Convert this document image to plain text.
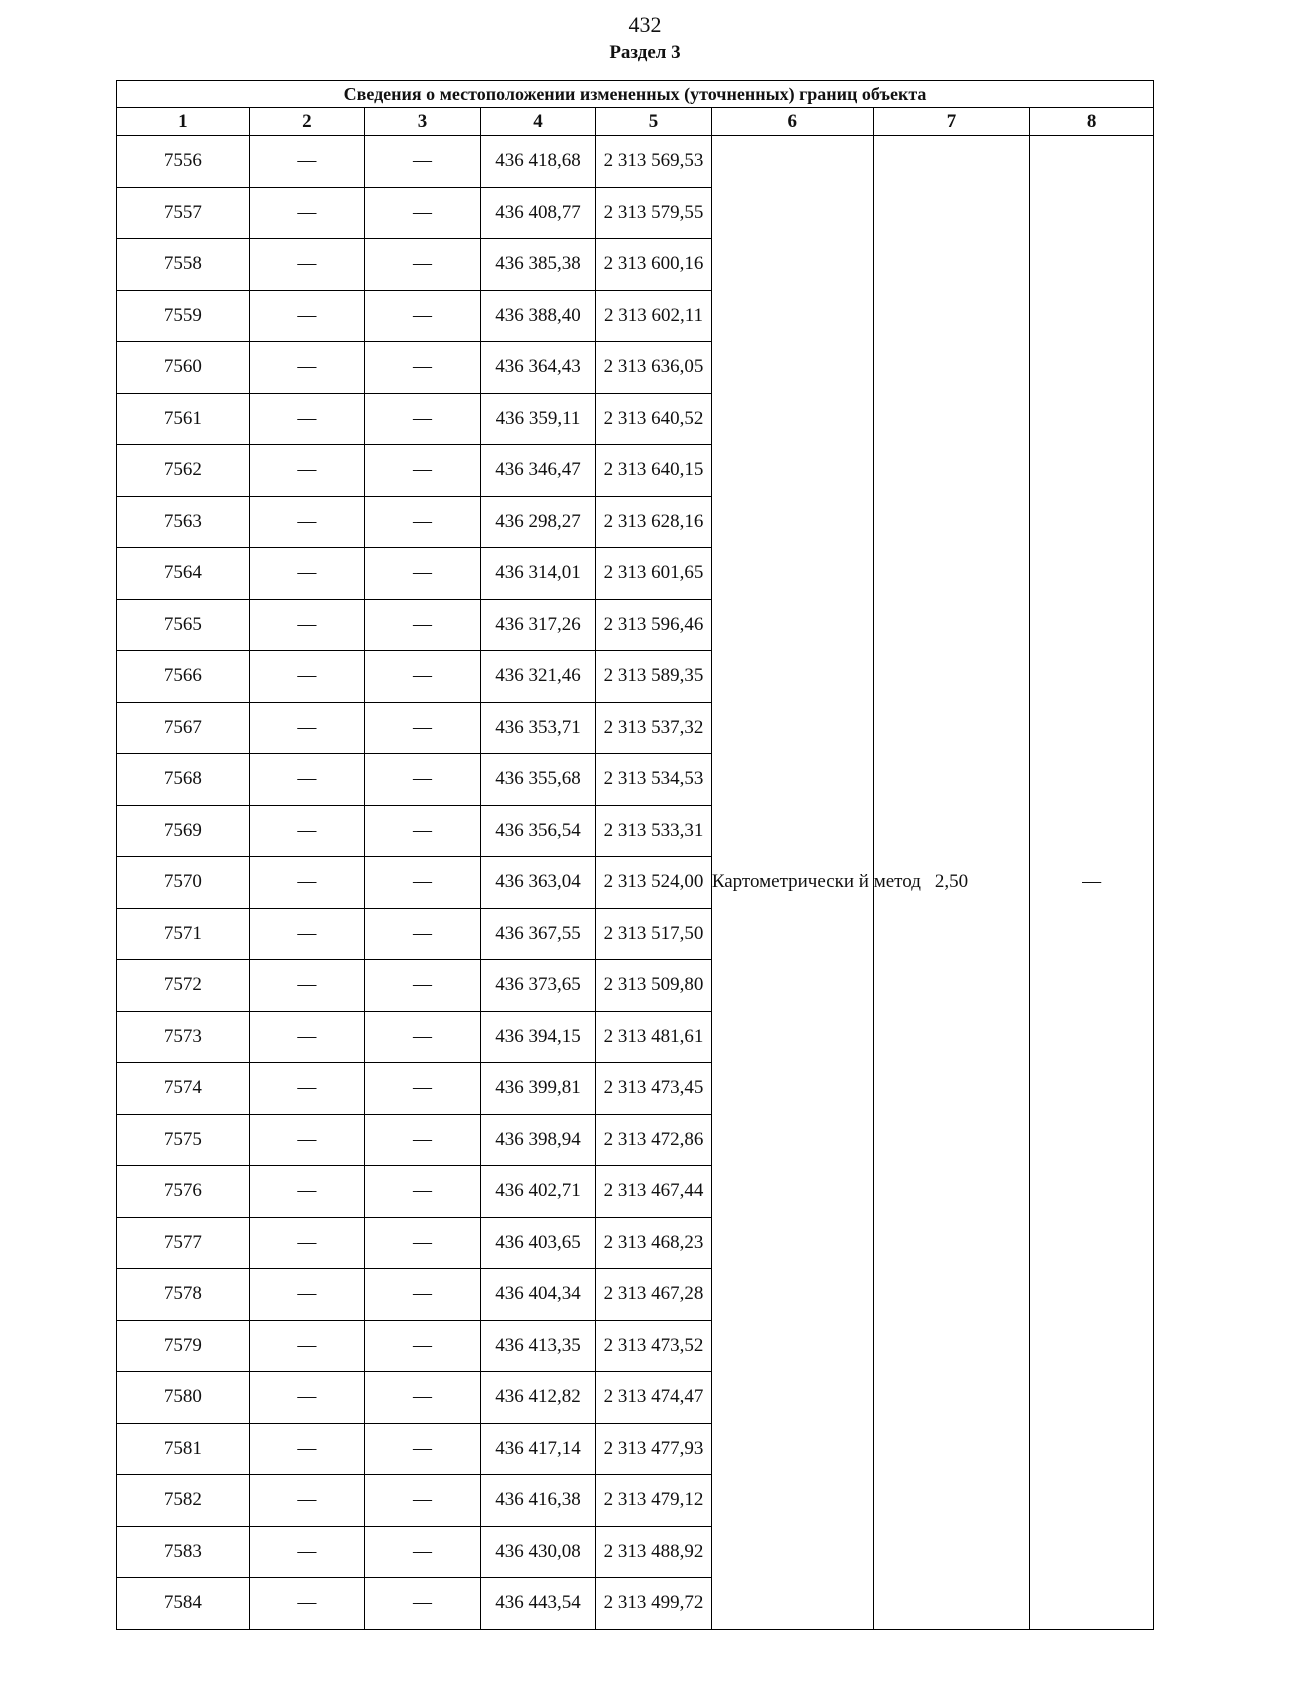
432
Раздел 3
Сведения о местоположении измененных (уточненных) границ объекта							
1	2	3	4	5	6	7	8
7556	—	—	436 418,68	2 313 569,53	Картометрически й метод	2,50	—
7557	—	—	436 408,77	2 313 579,55			
7558	—	—	436 385,38	2 313 600,16			
7559	—	—	436 388,40	2 313 602,11			
7560	—	—	436 364,43	2 313 636,05			
7561	—	—	436 359,11	2 313 640,52			
7562	—	—	436 346,47	2 313 640,15			
7563	—	—	436 298,27	2 313 628,16			
7564	—	—	436 314,01	2 313 601,65			
7565	—	—	436 317,26	2 313 596,46			
7566	—	—	436 321,46	2 313 589,35			
7567	—	—	436 353,71	2 313 537,32			
7568	—	—	436 355,68	2 313 534,53			
7569	—	—	436 356,54	2 313 533,31			
7570	—	—	436 363,04	2 313 524,00			
7571	—	—	436 367,55	2 313 517,50			
7572	—	—	436 373,65	2 313 509,80			
7573	—	—	436 394,15	2 313 481,61			
7574	—	—	436 399,81	2 313 473,45			
7575	—	—	436 398,94	2 313 472,86			
7576	—	—	436 402,71	2 313 467,44			
7577	—	—	436 403,65	2 313 468,23			
7578	—	—	436 404,34	2 313 467,28			
7579	—	—	436 413,35	2 313 473,52			
7580	—	—	436 412,82	2 313 474,47			
7581	—	—	436 417,14	2 313 477,93			
7582	—	—	436 416,38	2 313 479,12			
7583	—	—	436 430,08	2 313 488,92			
7584	—	—	436 443,54	2 313 499,72			
